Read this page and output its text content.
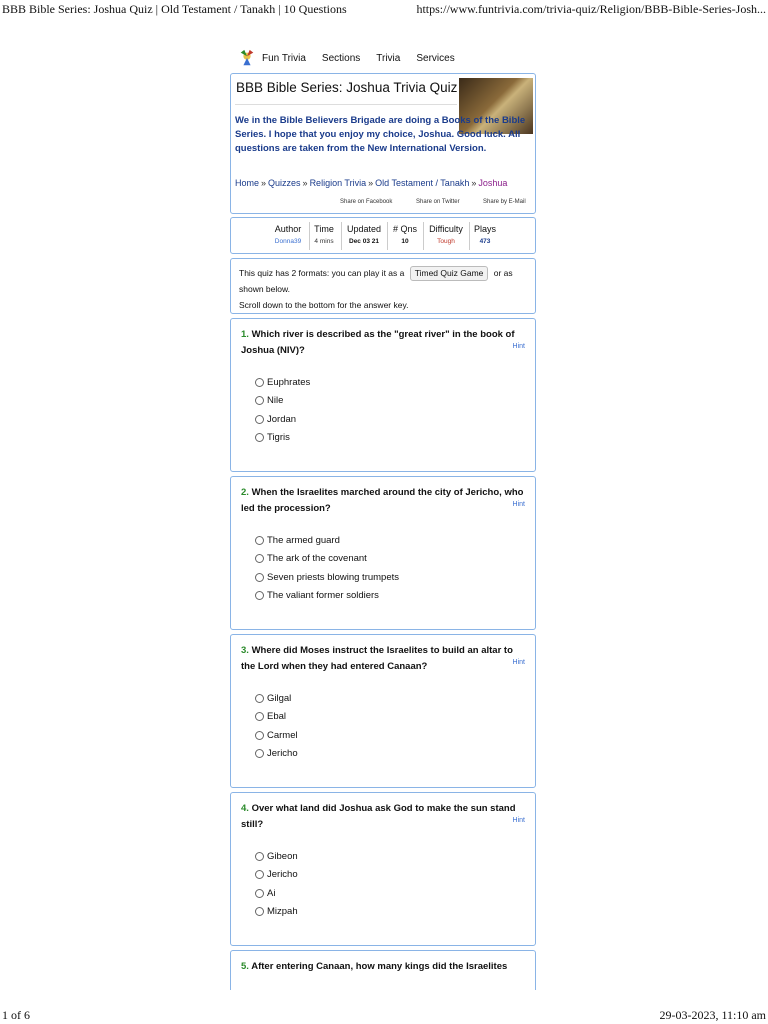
BBB Bible Series: Joshua Quiz | Old Testament / Tanakh | 10 Questions	https://www.funtrivia.com/trivia-quiz/Religion/BBB-Bible-Series-Josh...
Fun Trivia Sections Trivia Services
BBB Bible Series: Joshua Trivia Quiz
We in the Bible Believers Brigade are doing a Books of the Bible Series. I hope that you enjoy my choice, Joshua. Good luck. All questions are taken from the New International Version.
Home » Quizzes » Religion Trivia » Old Testament / Tanakh » Joshua
Share on Facebook	Share on Twitter	Share by E-Mail
Author
Donna39
Time
4 mins
Updated
Dec 03 21
# Qns
10
Difficulty
Tough
Plays
473
This quiz has 2 formats: you can play it as a Timed Quiz Game or as shown below.
Scroll down to the bottom for the answer key.
1. Which river is described as the "great river" in the book of Joshua (NIV)?	Hint
Euphrates
Nile
Jordan
Tigris
2. When the Israelites marched around the city of Jericho, who led the procession?	Hint
The armed guard
The ark of the covenant
Seven priests blowing trumpets
The valiant former soldiers
3. Where did Moses instruct the Israelites to build an altar to the Lord when they had entered Canaan?	Hint
Gilgal
Ebal
Carmel
Jericho
4. Over what land did Joshua ask God to make the sun stand still?	Hint
Gibeon
Jericho
Ai
Mizpah
5. After entering Canaan, how many kings did the Israelites
1 of 6	29-03-2023, 11:10 am
